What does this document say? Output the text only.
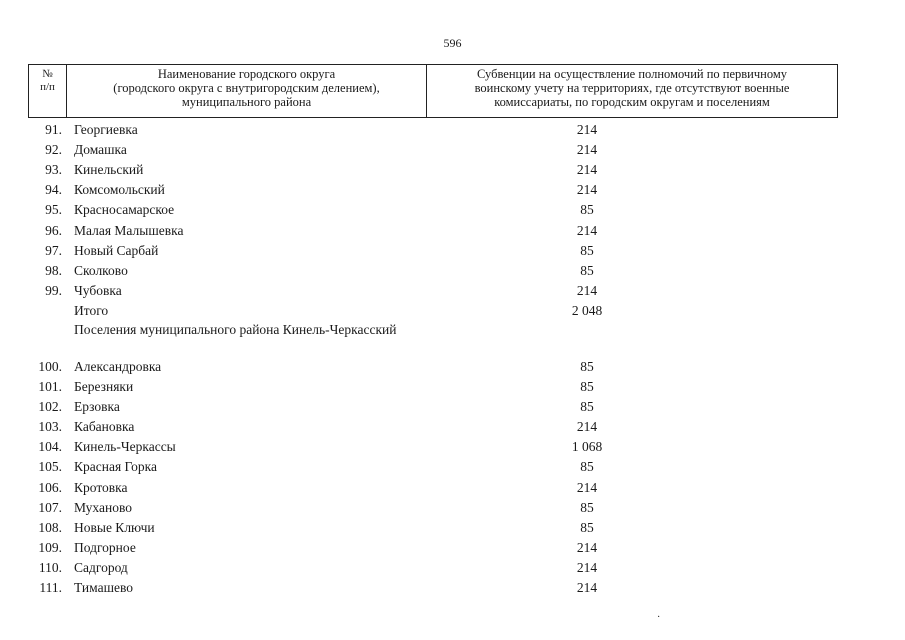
596
№
п/п
Наименование городского округа
(городского округа с внутригородским делением),
муниципального района
Субвенции на осуществление полномочий по первичному
воинскому учету на территориях, где отсутствуют военные
комиссариаты, по городским округам и поселениям
91. Георгиевка	214
92. Домашка	214
93. Кинельский	214
94. Комсомольский	214
95. Красносамарское	85
96. Малая Малышевка	214
97. Новый Сарбай	85
98. Сколково	85
99. Чубовка	214
Итого	2 048
Поселения муниципального района Кинель-Черкасский
100. Александровка	85
101. Березняки	85
102. Ерзовка	85
103. Кабановка	214
104. Кинель-Черкассы	1 068
105. Красная Горка	85
106. Кротовка	214
107. Муханово	85
108. Новые Ключи	85
109. Подгорное	214
110. Садгород	214
111. Тимашево	214
·
